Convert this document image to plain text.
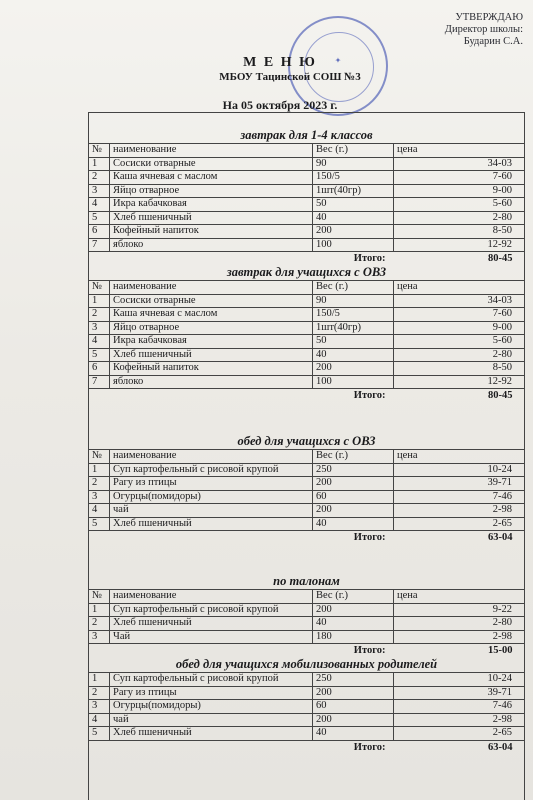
✦
УТВЕРЖДАЮ
Директор школы:
Бударин С.А.
М Е Н Ю
МБОУ Тацинской СОШ №3
На 05 октября 2023 г.
завтрак для 1-4 классов
№	наименование	Вес (г.)	цена
1	Сосиски отварные	90	34-03
2	Каша ячневая с маслом	150/5	7-60
3	Яйцо отварное	1шт(40гр)	9-00
4	Икра кабачковая	50	5-60
5	Хлеб пшеничный	40	2-80
6	Кофейный напиток	200	8-50
7	яблоко	100	12-92
Итого:			80-45
завтрак для учащихся с ОВЗ
№	наименование	Вес (г.)	цена
1	Сосиски отварные	90	34-03
2	Каша ячневая с маслом	150/5	7-60
3	Яйцо отварное	1шт(40гр)	9-00
4	Икра кабачковая	50	5-60
5	Хлеб пшеничный	40	2-80
6	Кофейный напиток	200	8-50
7	яблоко	100	12-92
Итого:			80-45
обед для учащихся с ОВЗ
№	наименование	Вес (г.)	цена
1	Суп картофельный с рисовой крупой	250	10-24
2	Рагу из птицы	200	39-71
3	Огурцы(помидоры)	60	7-46
4	чай	200	2-98
5	Хлеб пшеничный	40	2-65
Итого:			63-04
по талонам
№	наименование	Вес (г.)	цена
1	Суп картофельный с рисовой крупой	200	9-22
2	Хлеб пшеничный	40	2-80
3	Чай	180	2-98
Итого:			15-00
обед для учащихся мобилизованных родителей
1	Суп картофельный с рисовой крупой	250	10-24
2	Рагу из птицы	200	39-71
3	Огурцы(помидоры)	60	7-46
4	чай	200	2-98
5	Хлеб пшеничный	40	2-65
Итого:			63-04
